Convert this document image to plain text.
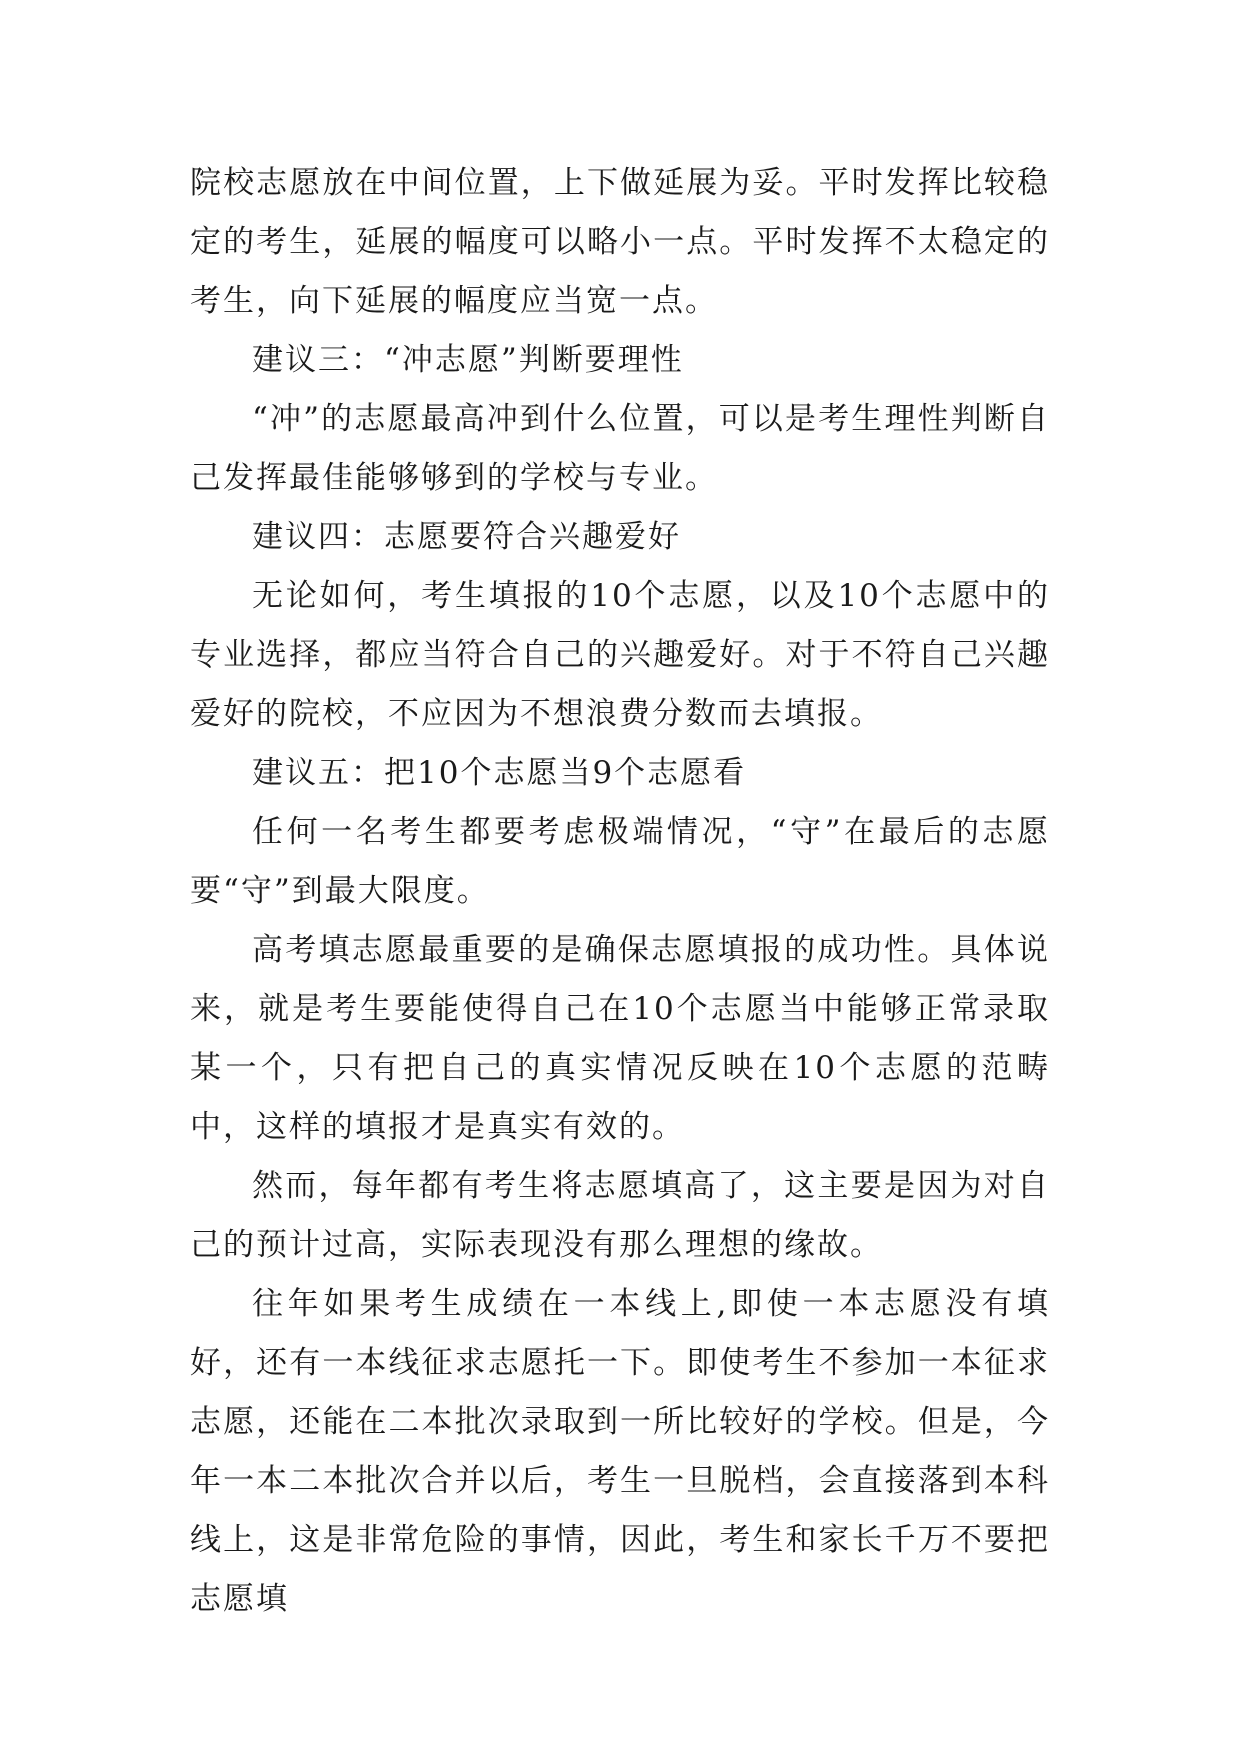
院校志愿放在中间位置，上下做延展为妥。平时发挥比较稳定的考生，延展的幅度可以略小一点。平时发挥不太稳定的考生，向下延展的幅度应当宽一点。

建议三：“冲志愿”判断要理性

“冲”的志愿最高冲到什么位置，可以是考生理性判断自己发挥最佳能够够到的学校与专业。

建议四：志愿要符合兴趣爱好

无论如何，考生填报的10个志愿，以及10个志愿中的专业选择，都应当符合自己的兴趣爱好。对于不符自己兴趣爱好的院校，不应因为不想浪费分数而去填报。

建议五：把10个志愿当9个志愿看

任何一名考生都要考虑极端情况，“守”在最后的志愿要“守”到最大限度。

高考填志愿最重要的是确保志愿填报的成功性。具体说来，就是考生要能使得自己在10个志愿当中能够正常录取某一个，只有把自己的真实情况反映在10个志愿的范畴中，这样的填报才是真实有效的。

然而，每年都有考生将志愿填高了，这主要是因为对自己的预计过高，实际表现没有那么理想的缘故。

往年如果考生成绩在一本线上,即使一本志愿没有填好，还有一本线征求志愿托一下。即使考生不参加一本征求志愿，还能在二本批次录取到一所比较好的学校。但是，今年一本二本批次合并以后，考生一旦脱档，会直接落到本科线上，这是非常危险的事情，因此，考生和家长千万不要把志愿填
